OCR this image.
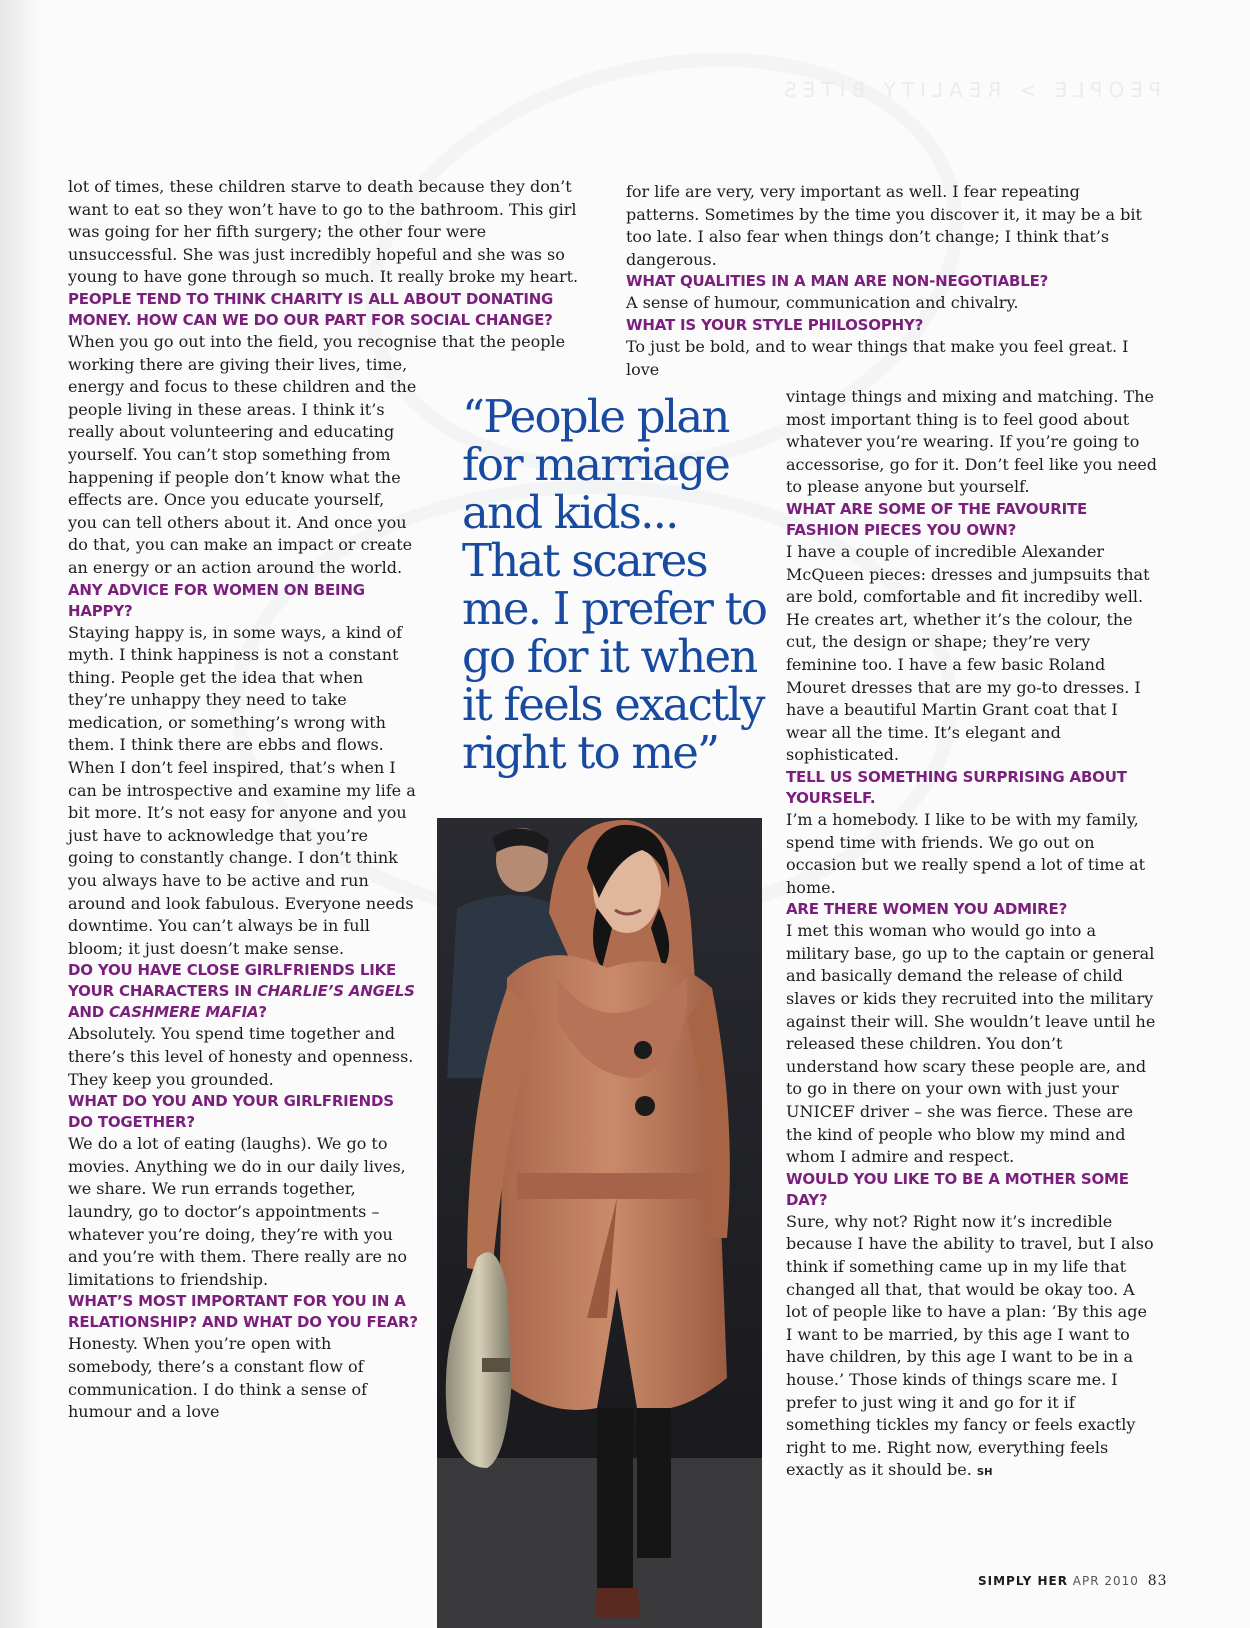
PEOPLE > REALITY BITES

lot of times, these children starve to death because they don’t want to eat so they won’t have to go to the bathroom. This girl was going for her fifth surgery; the other four were unsuccessful. She was just incredibly hopeful and she was so young to have gone through so much. It really broke my heart.

PEOPLE TEND TO THINK CHARITY IS ALL ABOUT DONATING MONEY. HOW CAN WE DO OUR PART FOR SOCIAL CHANGE?

When you go out into the field, you recognise that the people

working there are giving their lives, time, energy and focus to these children and the people living in these areas. I think it’s really about volunteering and educating yourself. You can’t stop something from happening if people don’t know what the effects are. Once you educate yourself, you can tell others about it. And once you do that, you can make an impact or create an energy or an action around the world.

ANY ADVICE FOR WOMEN ON BEING HAPPY?

Staying happy is, in some ways, a kind of myth. I think happiness is not a constant thing. People get the idea that when they’re unhappy they need to take medication, or something’s wrong with them. I think there are ebbs and flows. When I don’t feel inspired, that’s when I can be introspective and examine my life a bit more. It’s not easy for anyone and you just have to acknowledge that you’re going to constantly change. I don’t think you always have to be active and run around and look fabulous. Everyone needs downtime. You can’t always be in full bloom; it just doesn’t make sense.

DO YOU HAVE CLOSE GIRLFRIENDS LIKE YOUR CHARACTERS IN CHARLIE’S ANGELS AND CASHMERE MAFIA?

Absolutely. You spend time together and there’s this level of honesty and openness. They keep you grounded.

WHAT DO YOU AND YOUR GIRLFRIENDS DO TOGETHER?

We do a lot of eating (laughs). We go to movies. Anything we do in our daily lives, we share. We run errands together, laundry, go to doctor’s appointments – whatever you’re doing, they’re with you and you’re with them. There really are no limitations to friendship.

WHAT’S MOST IMPORTANT FOR YOU IN A RELATIONSHIP? AND WHAT DO YOU FEAR?

Honesty. When you’re open with somebody, there’s a constant flow of communication. I do think a sense of humour and a love

for life are very, very important as well. I fear repeating patterns. Sometimes by the time you discover it, it may be a bit too late. I also fear when things don’t change; I think that’s dangerous.

WHAT QUALITIES IN A MAN ARE NON-NEGOTIABLE?

A sense of humour, communication and chivalry.

WHAT IS YOUR STYLE PHILOSOPHY?

To just be bold, and to wear things that make you feel great. I love

vintage things and mixing and matching. The most important thing is to feel good about whatever you’re wearing. If you’re going to accessorise, go for it. Don’t feel like you need to please anyone but yourself.

WHAT ARE SOME OF THE FAVOURITE FASHION PIECES YOU OWN?

I have a couple of incredible Alexander McQueen pieces: dresses and jumpsuits that are bold, comfortable and fit incrediby well. He creates art, whether it’s the colour, the cut, the design or shape; they’re very feminine too. I have a few basic Roland Mouret dresses that are my go-to dresses. I have a beautiful Martin Grant coat that I wear all the time. It’s elegant and sophisticated.

TELL US SOMETHING SURPRISING ABOUT YOURSELF.

I’m a homebody. I like to be with my family, spend time with friends. We go out on occasion but we really spend a lot of time at home.

ARE THERE WOMEN YOU ADMIRE?

I met this woman who would go into a military base, go up to the captain or general and basically demand the release of child slaves or kids they recruited into the military against their will. She wouldn’t leave until he released these children. You don’t understand how scary these people are, and to go in there on your own with just your UNICEF driver – she was fierce. These are the kind of people who blow my mind and whom I admire and respect.

WOULD YOU LIKE TO BE A MOTHER SOME DAY?

Sure, why not? Right now it’s incredible because I have the ability to travel, but I also think if something came up in my life that changed all that, that would be okay too. A lot of people like to have a plan: ‘By this age I want to be married, by this age I want to have children, by this age I want to be in a house.’ Those kinds of things scare me. I prefer to just wing it and go for it if something tickles my fancy or feels exactly right to me. Right now, everything feels exactly as it should be. SH

“People plan for marriage and kids... That scares me. I prefer to go for it when it feels exactly right to me”
SIMPLY HER APR 2010 83
